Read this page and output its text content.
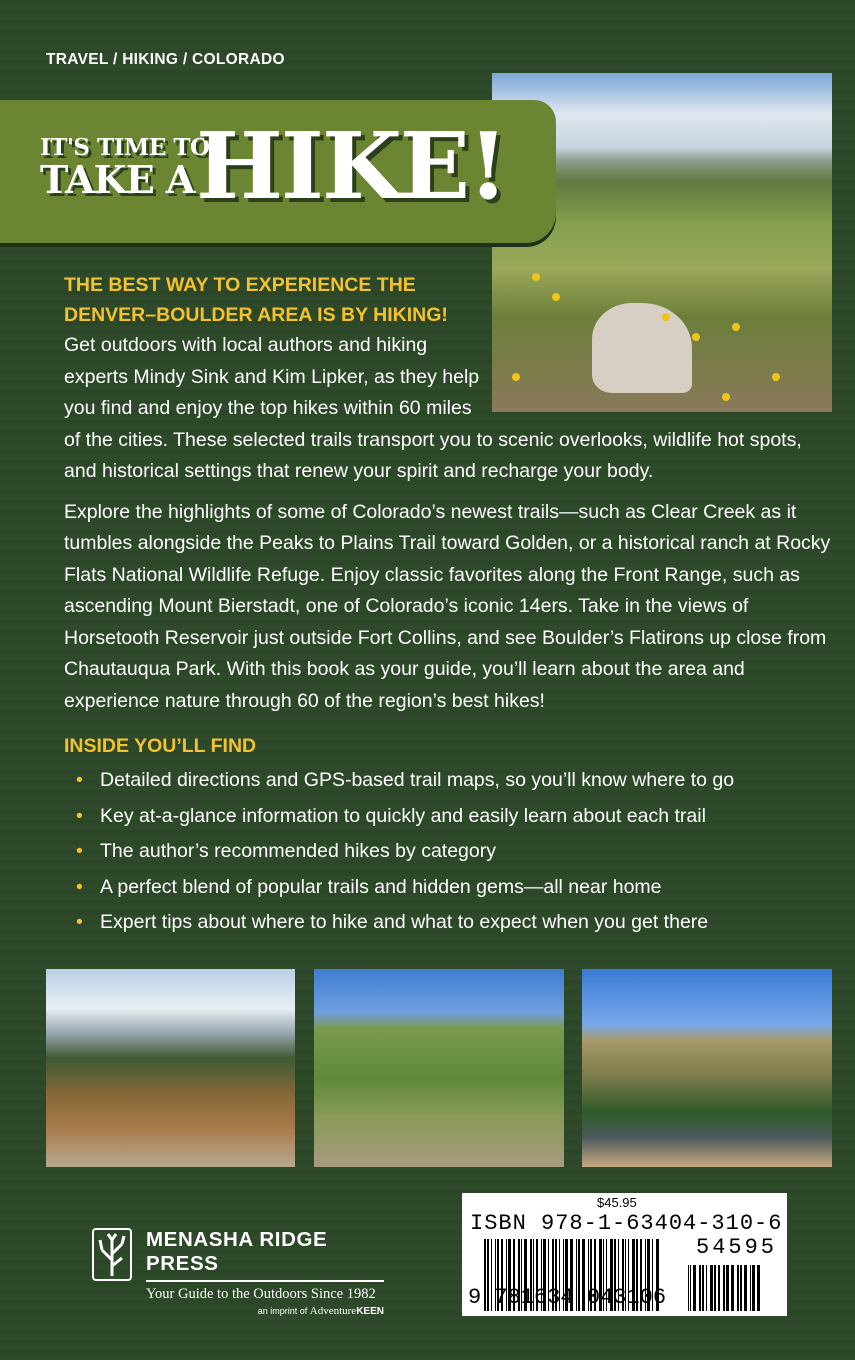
TRAVEL / HIKING / COLORADO
IT'S TIME TO
TAKE A HIKE!
THE BEST WAY TO EXPERIENCE THE DENVER–BOULDER AREA IS BY HIKING!

Get outdoors with local authors and hiking experts Mindy Sink and Kim Lipker, as they help you find and enjoy the top hikes within 60 miles of the cities. These selected trails transport you to scenic overlooks, wildlife hot spots, and historical settings that renew your spirit and recharge your body.

Explore the highlights of some of Colorado’s newest trails—such as Clear Creek as it tumbles alongside the Peaks to Plains Trail toward Golden, or a historical ranch at Rocky Flats National Wildlife Refuge. Enjoy classic favorites along the Front Range, such as ascending Mount Bierstadt, one of Colorado’s iconic 14ers. Take in the views of Horsetooth Reservoir just outside Fort Collins, and see Boulder’s Flatirons up close from Chautauqua Park. With this book as your guide, you’ll learn about the area and experience nature through 60 of the region’s best hikes!

INSIDE YOU’LL FIND
• Detailed directions and GPS-based trail maps, so you’ll know where to go
• Key at-a-glance information to quickly and easily learn about each trail
• The author’s recommended hikes by category
• A perfect blend of popular trails and hidden gems—all near home
• Expert tips about where to hike and what to expect when you get there
MENASHA RIDGE PRESS
Your Guide to the Outdoors Since 1982
an imprint of AdventureKEEN
$45.95
ISBN 978-1-63404-310-6
54595
9 781634 043106
